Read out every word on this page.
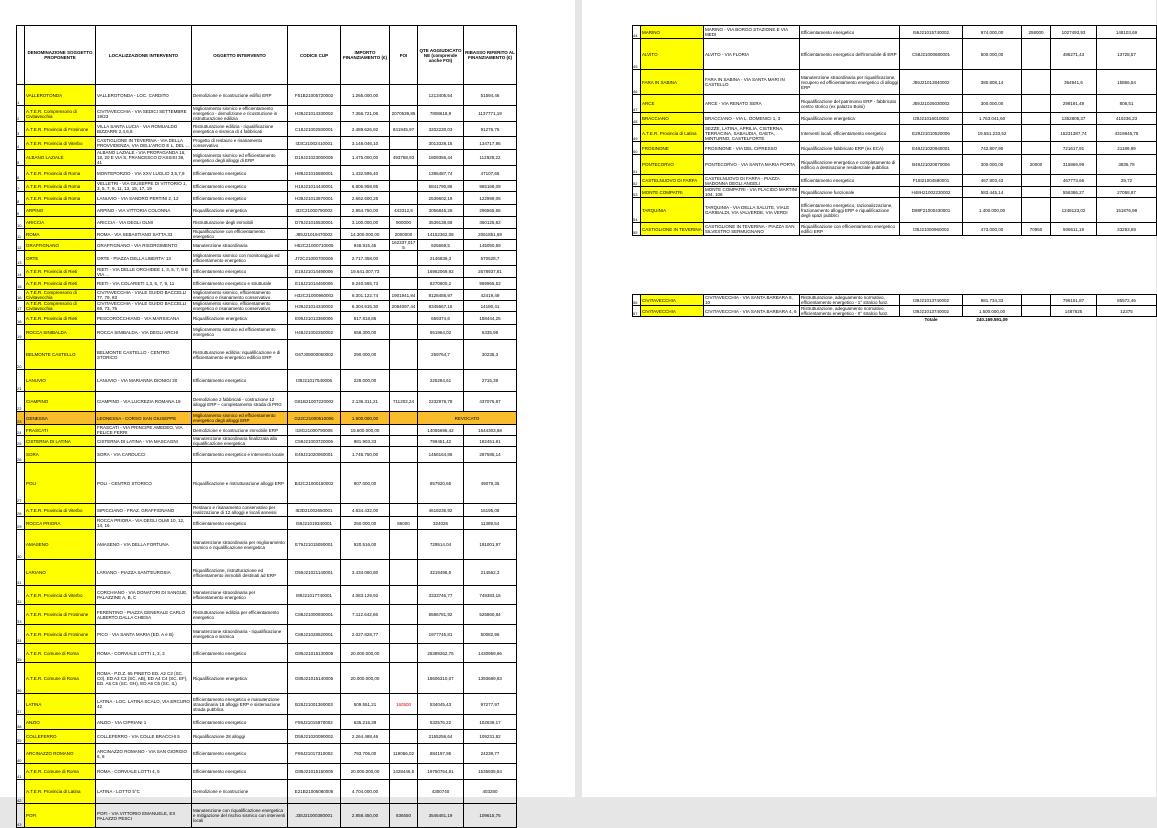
	DENOMINAZIONE SOGGETTO PROPONENTE	LOCALIZZAZIONE INTERVENTO	OGGETTO INTERVENTO	CODICE CUP	IMPORTO FINANZIAMENTO (€)	FOI	QTE AGGIUDICATO NE (comprende anche FOI)	RIBASSO RIFERITO AL FINANZIAMENTO (€)
1	VALLEROTONDA	VALLEROTONDA - LOC. CARDITO	Demolizione e ricostruzione edifici ERP	F51B21005720002	1.265.000,00		1213405,54	51594,46
2	A.T.E.R. Comprensorio di Civitavecchia	CIVITAVECCHIA - VIA SEDICI SETTEMBRE 19/23	Miglioramento sismico e efficientamento energetico - demolizione e ricostruzione in ristrutturazione edilizia	H39J21014330002	7.366.721,06	2070539,85	7808618,9	1137771,19
3	A.T.E.R. Provincia di Frosinone	VILLA SANTA LUCIA - VIA ROMUALDO BIZZARRI 2,4,6,8	Ristrutturazione edilizia - riqualificazione energetica e sismica di 4 fabbricati	C18J21002500001	2.489.626,92	841945,97	3202230,03	91276,76
4	A.T.E.R. Provincia di Viterbo	CASTIGLIONE IN TEVERINA - VIA DELLA PROVVIDENZA, VIA DELL'ARCO E L. DEL ...	Progetto di restauro e risanamento conservativo	I33C21002410001	3.148.046,10		3013328,15	134717,95
5	ALBANO LAZIALE	ALBANO LAZIALE - VIA PROPAGANDA 16, 18, 20 E VIA S. FRANCESCO D'ASSISI 39, 41	Miglioramento sismico ed efficientamento energetico degli alloggi di ERP	D19J21023000005	1.475.000,00	493768,93	1809356,44	112928,22
6	A.T.E.R. Provincia di Roma	MONTEPORZIO - VIA XXV LUGLIO 3,5,7,9	Efficientamento energetico	H89J21016680001	1.432.595,40		1385487,74	47107,66
7	A.T.E.R. Provincia di Roma	VELLETRI - VIA GIUSEPPE DI VITTORIO 1, 3, 5, 7, 9, 11, 13, 15, 17, 19	Efficientamento energetico	H19J21014440001	6.806.958,95		5841790,86	965168,09
8	A.T.E.R. Provincia di Roma	LANUVIO - VIA SANDRO PERTINI 2, 12	Efficientamento energetico	H39J21013870001	2.662.600,25		2539602,19	122998,06
9	ARPINO	ARPINO - VIA VITTORIA COLONNA	Riqualificazione energetica	I32C21000790002	2.954.750,00	443312,5	3056845,26	296565,66
10	ARICCIA	ARICCIA - VIA DEGLI OLMI	Ristrutturazione degli immobili	D79J21016530001	3.100.000,00	900000	3539138,68	360125,82
11	ROMA	ROMA - VIA SEBASTIANO SATTA 33	Riqualificazione con efficientamento energetico	J89J21019470002	14.300.000,00	2000000	14152362,08	2061851,69
12	GRAFFIGNANO	GRAFFIGNANO - VIA RISORGIMENTO	Manutenzione straordinaria	H52C21000710005	948.915,45	162337,0175	925669,5	145050,59
13	ORTE	ORTE - PIAZZA DELLA LIBERTA' 13	Miglioramento sismico con monitoraggio ed efficientamento energetico	J72C21000700006	2.717.358,00		2146839,3	570528,7
14	A.T.E.R. Provincia di Rieti	RIETI - VIA DELLE ORCHIDEE 1, 3, 5, 7, 9 E VIA ...	Efficientamento energetico	E19J21014490006	19.641.007,73		16962069,92	2678937,81
15	A.T.E.R. Provincia di Rieti	RIETI - VIA COLARIETI 1,3, 5, 7, 9, 11	Efficientamento energetico e strutturale	E19J21014460006	9.240.565,73		8270600,2	969965,53
16	A.T.E.R. Comprensorio di Civitavecchia	CIVITAVECCHIA - VIALE GUIDO BACCELLI 77, 79, 83	Miglioramento sismico, efficientamento energetico e risanamento conservativo	H32C21000960002	6.301.122,74	1901941,84	8128456,97	42419,49
17	A.T.E.R. Comprensorio di Civitavecchia	CIVITAVECCHIA - VIALE GUIDO BACCELLI 69, 73, 75	Miglioramento sismico, efficientamento energetico e risanamento conservativo	H39J21014340002	6.304.515,30	2084097,44	8345667,15	14180,41
18	A.T.E.R. Provincia di Rieti	PESCOROCCHIANO - VIA MARSICANA	Riqualificazione energetica	E99J21013360006	817.818,85		659374,6	158444,25
19	ROCCA SINIBALDA	ROCCA SINIBALDA - VIA DEGLI ARCHI	Miglioramento sismico ed efficientamento energetico	H48J21002250002	658.300,00		651964,02	6335,98
20	BELMONTE CASTELLO	BELMONTE CASTELLO - CENTRO STORICO	Ristrutturazione edilizia: riqualificazione e di efficientamento energetico edificio ERP	G67J09000050002	290.000,00		259764,7	30235,3
21	LANUVIO	LANUVIO - VIA MARIANNA DIONIGI 20	Efficientamento energetico	I39J21017540006	228.000,00		225284,61	2715,39
22	CIAMPINO	CIAMPINO - VIA LUCREZIA ROMANA 19	Demolizione 2 fabbricati - costruzione 12 alloggi ERP – completamento strada di PRG	G81B21007220002	2.136.311,21	711202,24	2232978,78	437076,87
23	GENESSA	LEONESSA - CORSO SAN GIUSEPPE	Miglioramento sismico ed efficientamento energetico degli alloggi ERP	G22C21000510006	1.500.000,00		REVOCATO	
24	FRASCATI	FRASCATI - VIA PRINCIPE AMEDEO, VIA FELICE FERRI	Demolizione e ricostruzione immobile ERP	I18G21000790006	15.600.000,00		14055696,42	1544303,58
25	CISTERNA DI LATINA	CISTERNA DI LATINA - VIA MASCAGNI	Manutenzione straordinaria finalizzata alla riqualificazione energetica	C59J21003720006	981.903,33		799451,42	182451,91
26	SORA	SORA - VIA CARDUCCI	Efficientamento energetico e intervento locale	E49J21020060001	1.745.750,00		1458164,86	287585,14
27	POLI	POLI - CENTRO STORICO	Riqualificazione e ristrutturazione alloggi ERP	B42C21000150002	907.000,00		857920,65	49079,35
28	A.T.E.R. Provincia di Viterbo	SIPICCIANO - FRAZ. GRAFFIGNANO	Restauro e risanamento conservativo per realizzazione di 12 alloggi e locali annessi	I53D21002650001	4.634.432,00		4618236,92	16195,08
29	ROCCA PRIORA	ROCCA PRIORA - VIA DEGLI OLMI 10, 12, 14, 16	Efficientamento energetico	I59J21019340001	250.000,00	86000	324026	11389,54
30	AMASENO	AMASENO - VIA DELLA FORTUNA	Manutenzione straordinaria per miglioramento sismico e riqualificazione energetica	E79J21015050001	920.516,00		729514,04	191001,97
31	LARIANO	LARIANO - PIAZZA SANT'EUROSIA	Riqualificazione, ristrutturazione ed efficientamento immobili destinati ad ERP	D59J21021140001	3.434.060,80		3219498,5	214562,3
32	A.T.E.R. Provincia di Viterbo	CORCHIANO - VIA DONATORI DI SANGUE, PALAZZINE A, B, C	Manutenzione straordinaria per efficientamento energetico	I89J21017740001	4.083.129,92		3333746,77	749383,15
33	A.T.E.R. Provincia di Frosinone	FERENTINO - PIAZZA GENERALE CARLO ALBERTO DALLA CHIESA	Ristrutturazione edilizia per efficientamento energetico	C88J21000930001	7.112.642,66		6586781,92	525860,84
34	A.T.E.R. Provincia di Frosinone	PICO - VIA SANTA MARIA (ED. A e B)	Manutenzione straordinaria - riqualificazione energetica e sismica	C89J21028520001	2.027.828,77		1977745,81	50082,96
35	A.T.E.R. Comune di Roma	ROMA - CORVIALE LOTTI 1, 2, 3	Efficientamento energetico	G89J21015130005	20.000.000,00		25389262,75	1430959,66
36	A.T.E.R. Comune di Roma	ROMA - P.D.Z. 65 PINETO ED. A2 C2 (SC. C0), ED A3 C3 (SC. AB), ED A4 C4 (SC. EF), ED. A5 C5 (SC. GH), ED A6 C6 (SC. IL)	Riqualificazione energetica	G89J21015140005	20.000.000,00		18606310,07	1393689,93
37	LATINA	LATINA - LOC. LATINA SCALO, VIA ERCURO 42	Efficientamento energetico e manutenzione straordinaria 18 alloggi ERP e sistemazione strada pubblica	B28J21001360003	509.551,21	160500	534045,43	97277,97
38	ANZIO	ANZIO - VIA CIPRIANI 1	Efficientamento energetico	F59J21015970002	635.215,39		532576,22	102639,17
39	COLLEFERRO	COLLEFERRO - VIA COLLE BRACCHI 5	Riqualificazione 28 alloggi	D59J21020090002	2.264.488,46		2155256,64	109231,82
40	ARCINAZZO ROMANO	ARCINAZZO ROMANO - VIA SAN GIORGIO 6, 8	Efficientamento energetico	F69J21017310002	793.706,00	119056,02	884197,95	24239,77
41	A.T.E.R. Comune di Roma	ROMA - CORVIALE LOTTI 4, 5	Efficientamento energetico	G89J21015150005	20.000.000,00	1428446,5	19750764,81	1535935,84
42	A.T.E.R. Provincia di Latina	LATINA - LOTTO 5°C	Demolizione e ricostruzione	E21B21005080006	4.704.000,00		4300740	403260
43	POFI	POFI - VIA VITTORIO EMANUELE, EX PALAZZO PESCI	Manutenzione con riqualificazione energetica e mitigazione del rischio sismico con interventi locali	J38J21000380001	2.858.450,00	836550	3546481,19	109615,75
44	MARINO	MARINO - VIA BORGO STAZIONE E VIA MEDI	Efficientamento energetico	I59J21015740002	974.000,00	258000	1027493,93	148103,69
45	ALVITO	ALVITO - VIA FLORIA	Efficientamento energetico dell'immobile di ERP	C58J21000680001	500.000,00		486271,43	13728,57
46	FARA IN SABINA	FARA IN SABINA - VIA SANTA MARI IN CASTELLO	Manutenzione straordinaria per riqualificazione, recupero ed efficientamento energetico di alloggi ERP	J59J21013840002	380.808,14		364941,6	15866,54
47	ARCE	ARCE - VIA RENATO SERA	Riqualificazione del patrimonio ERP - fabbricato centro storico (ex palazzo Boisi)	J59J21025030002	300.000,00		299191,49	808,51
48	BRACCIANO	BRACCIANO - VIA L. DOMENICI 1, 3	Riqualificazione energetica	I29J21016010002	1.763.041,60		1352805,37	410236,23
49	A.T.E.R. Provincia di Latina	SEZZE, LATINA, APRILIA, CISTERNA, TERRACINA, SABAUDIA, GAETA, MINTURNO, CASTELFORTE	Interventi locali, efficientamento energetico	E29J21010520006	19.551.233,52		15231387,74	4319845,78
50	FROSINONE	FROSINONE - VIA DEL CIPRESSO	Riqualificazione fabbricato ERP (ex ECA)	E49J21020940001	742.807,90		721617,91	21189,99
51	PONTECORVO	PONTECORVO - VIA SANTA MARIA PORTA	Riqualificazione energetica e completamento di edificio a destinazione residenziale pubblica	B49J21020870006	300.000,00	20000	315869,99	3835,78
52	CASTELNUOVO DI FARFA	CASTELNUOVO DI FARFA - PIAZZA MADONNA DEGLI ANGELI	Efficientamento energetico	F18I21004590001	467.803,43		467773,66	29,72
53	MONTE COMPATRI	MONTE COMPATRI - VIA PLACIDO MARTINI 104, 106	Riqualificazione funzionale	H48H21002230002	583.445,14		556386,27	27058,87
54	TARQUINIA	TARQUINIA - VIA DELLA SALUTE, VIALE GARIBALDI, VIA VALVERDE, VIA VERDI	Efficientamento energetico, razionalizzazione, frazionamento alloggi ERP e riqualificazione degli spazi pubblici	D88F21000430001	1.400.000,00		1248123,02	151876,98
55	CASTIGLIONE IN TEVERINA	CASTIGLIONE IN TEVERINA - PIAZZA SAN SILVESTRO SERMUGNANO	Riqualificazione con efficientamento energetico edifici ERP	I38J21000960002	473.000,00	70950	506611,19	33293,69

56	CIVITAVECCHIA	CIVITAVECCHIA - VIA SANTA BARBARA 8, 10	Ristrutturazione, adeguamento normativo, efficientamento energetico - 1° stralcio funz.	I39J21013740002	881.734,33		796151,87	85572,46
57	CIVITAVECCHIA	CIVITAVECCHIA - VIA SANTA BARBARA 4, 6	Ristrutturazione, adeguamento normativo, efficientamento energetico - II° stralcio funz.	I39J21013740002	1.500.000,00		1487625	12375
				Totale	240.169.591,09			
